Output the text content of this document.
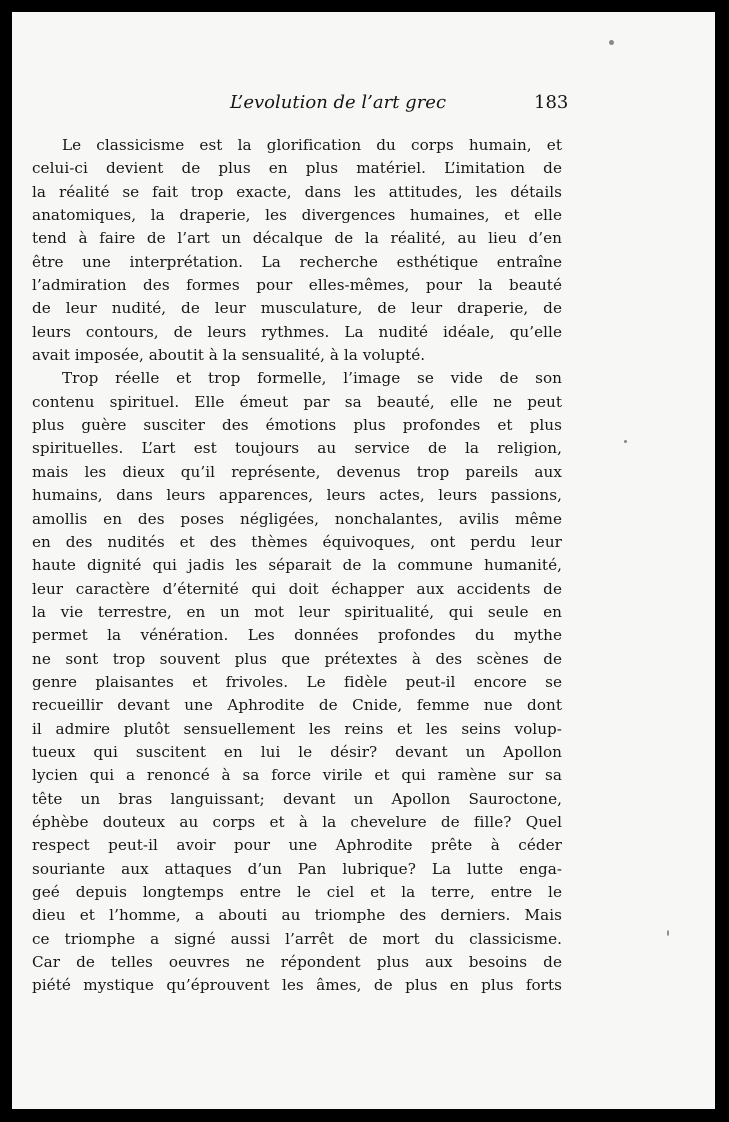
L’evolution de l’art grec	183
Le classicisme est la glorification du corps humain, et
celui-ci devient de plus en plus matériel. L’imitation de
la réalité se fait trop exacte, dans les attitudes, les détails
anatomiques, la draperie, les divergences humaines, et elle
tend à faire de l’art un décalque de la réalité, au lieu d’en
être une interprétation. La recherche esthétique entraîne
l’admiration des formes pour elles-mêmes, pour la beauté
de leur nudité, de leur musculature, de leur draperie, de
leurs contours, de leurs rythmes. La nudité idéale, qu’elle
avait imposée, aboutit à la sensualité, à la volupté.
Trop réelle et trop formelle, l’image se vide de son
contenu spirituel. Elle émeut par sa beauté, elle ne peut
plus guère susciter des émotions plus profondes et plus
spirituelles. L’art est toujours au service de la religion,
mais les dieux qu’il représente, devenus trop pareils aux
humains, dans leurs apparences, leurs actes, leurs passions,
amollis en des poses négligées, nonchalantes, avilis même
en des nudités et des thèmes équivoques, ont perdu leur
haute dignité qui jadis les séparait de la commune humanité,
leur caractère d’éternité qui doit échapper aux accidents de
la vie terrestre, en un mot leur spiritualité, qui seule en
permet la vénération. Les données profondes du mythe
ne sont trop souvent plus que prétextes à des scènes de
genre plaisantes et frivoles. Le fidèle peut-il encore se
recueillir devant une Aphrodite de Cnide, femme nue dont
il admire plutôt sensuellement les reins et les seins volup-
tueux qui suscitent en lui le désir? devant un Apollon
lycien qui a renoncé à sa force virile et qui ramène sur sa
tête un bras languissant; devant un Apollon Sauroctone,
éphèbe douteux au corps et à la chevelure de fille? Quel
respect peut-il avoir pour une Aphrodite prête à céder
souriante aux attaques d’un Pan lubrique? La lutte enga-
geé depuis longtemps entre le ciel et la terre, entre le
dieu et l’homme, a abouti au triomphe des derniers. Mais
ce triomphe a signé aussi l’arrêt de mort du classicisme.
Car de telles oeuvres ne répondent plus aux besoins de
piété mystique qu’éprouvent les âmes, de plus en plus forts
